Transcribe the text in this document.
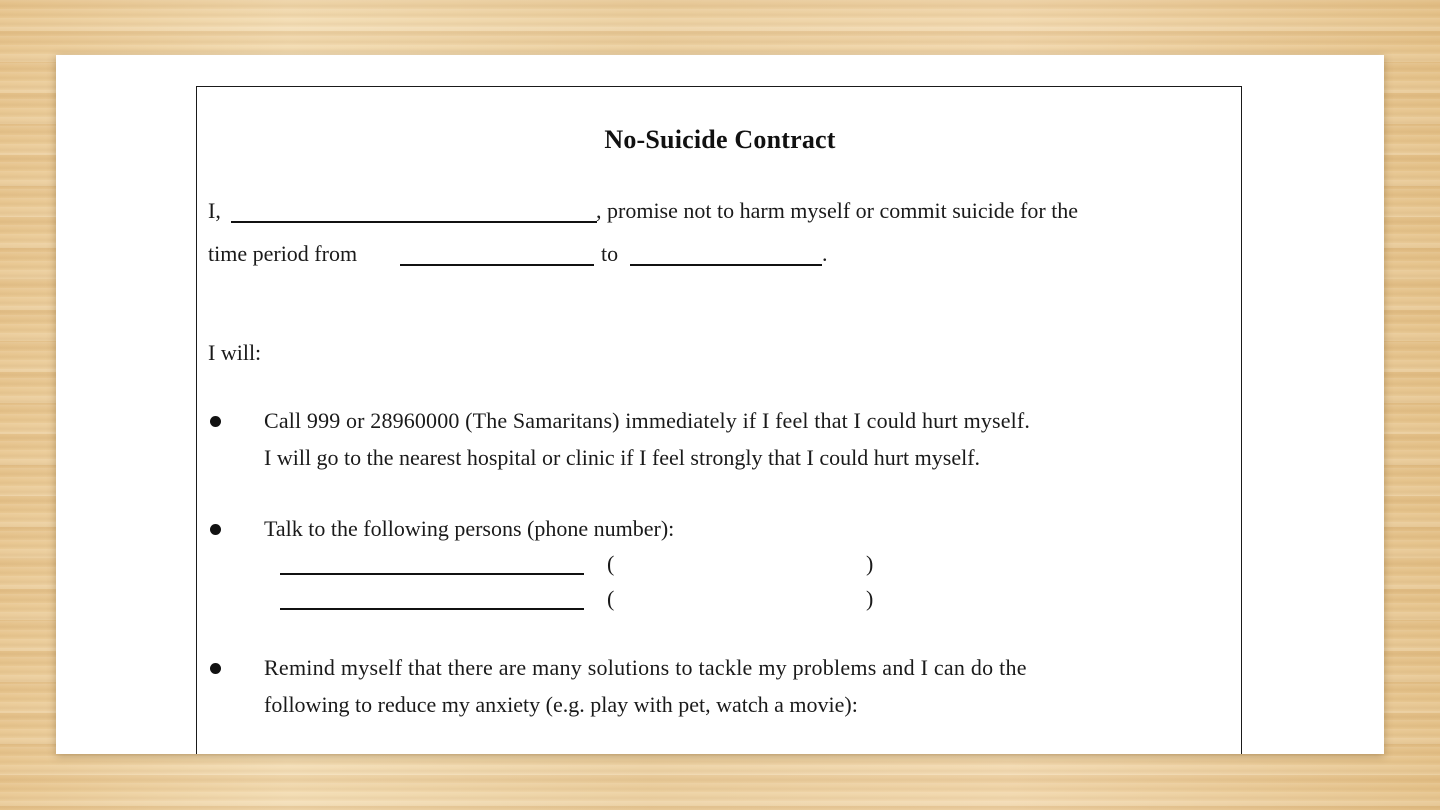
No-Suicide Contract
I,	, promise not to harm myself or commit suicide for the
time period from	to	.
I will:
Call 999 or 28960000 (The Samaritans) immediately if I feel that I could hurt myself.
I will go to the nearest hospital or clinic if I feel strongly that I could hurt myself.
Talk to the following persons (phone number):
(	)
(	)
Remind myself that there are many solutions to tackle my problems and I can do the
following to reduce my anxiety (e.g. play with pet, watch a movie):
